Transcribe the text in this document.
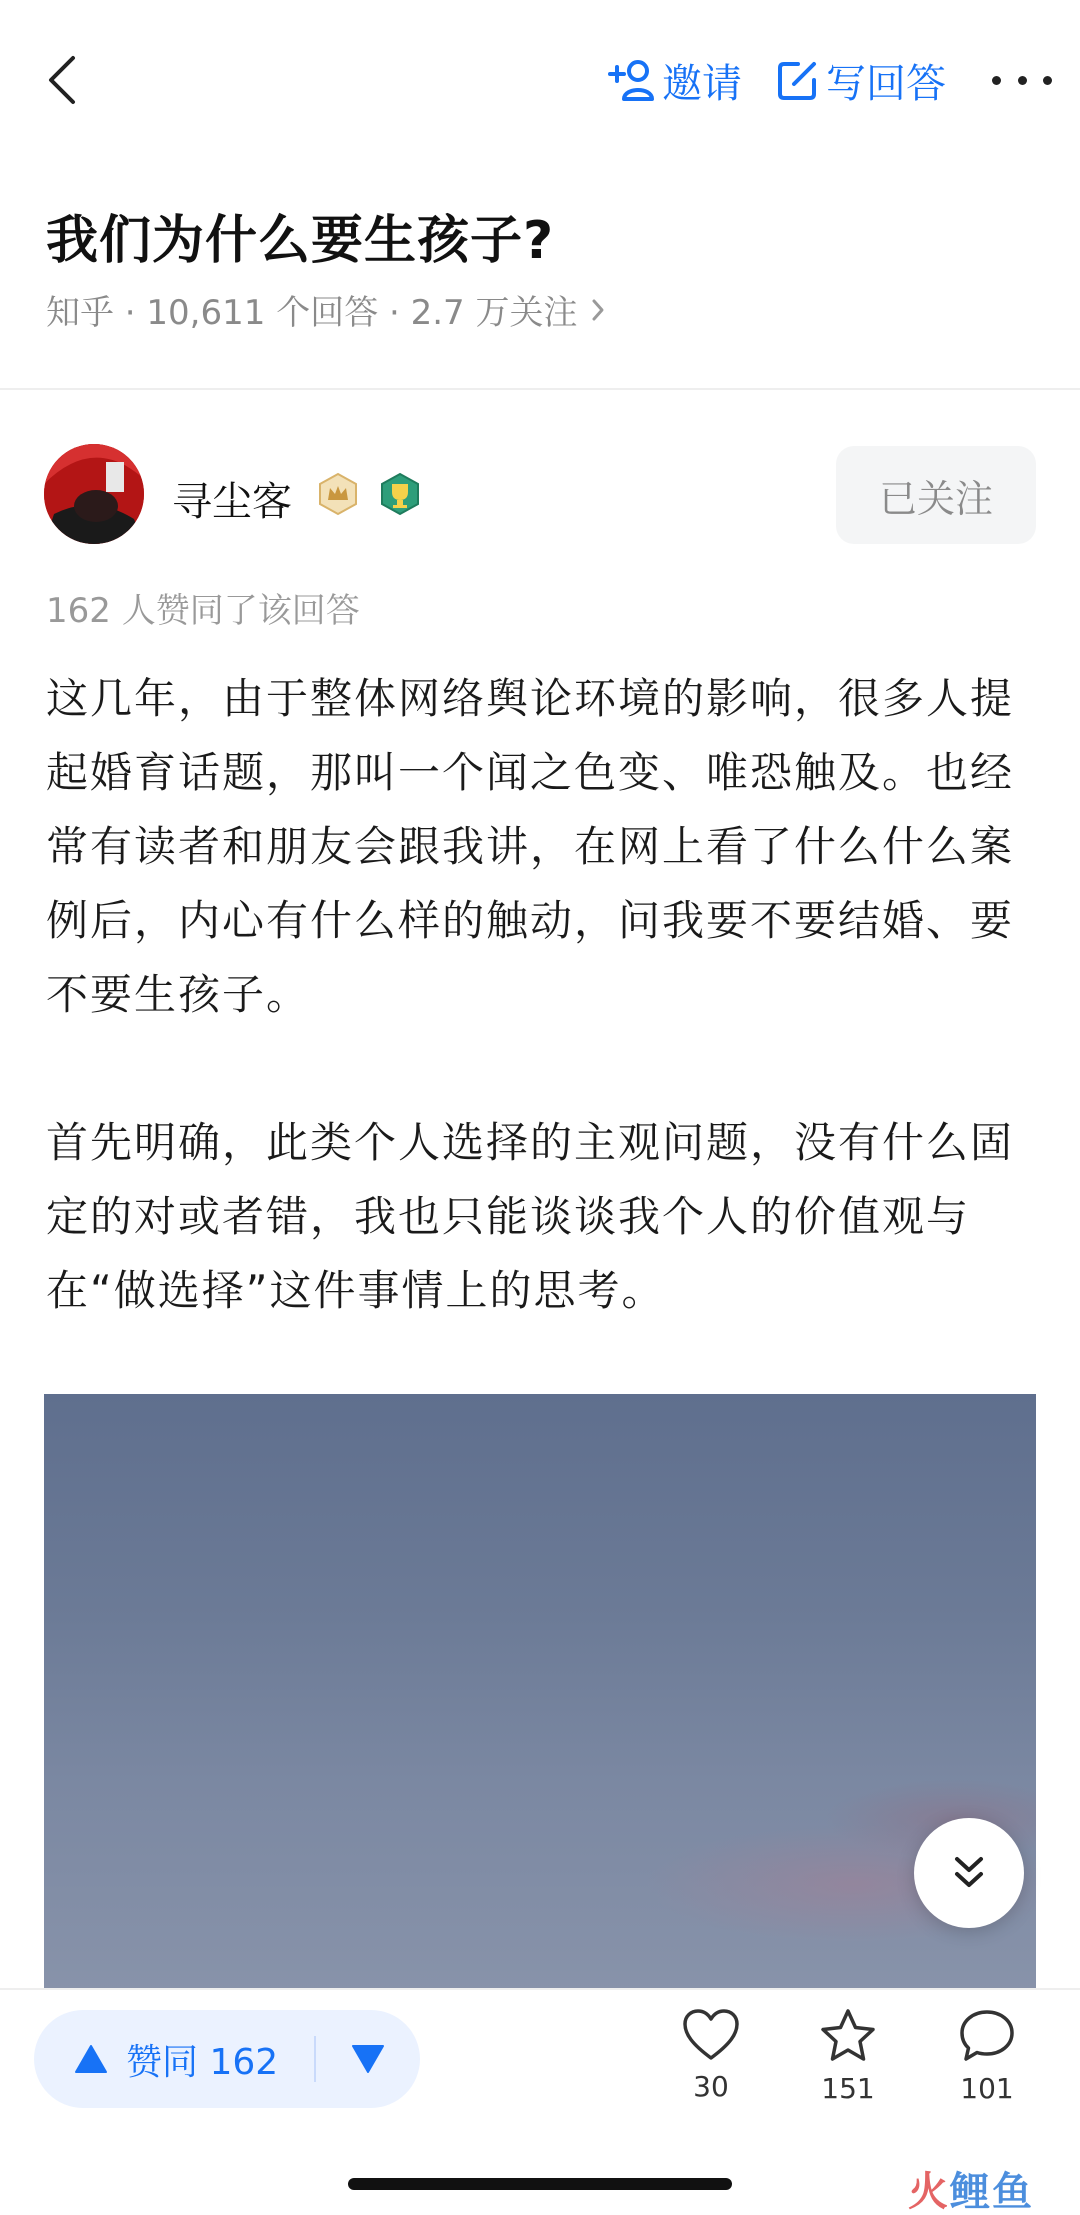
邀请 写回答
我们为什么要生孩子?
知乎 · 10,611 个回答 · 2.7 万关注
寻尘客	已关注
162 人赞同了该回答
这几年，由于整体网络舆论环境的影响，很多人提起婚育话题，那叫一个闻之色变、唯恐触及。也经常有读者和朋友会跟我讲，在网上看了什么什么案例后，内心有什么样的触动，问我要不要结婚、要不要生孩子。
首先明确，此类个人选择的主观问题，没有什么固定的对或者错，我也只能谈谈我个人的价值观与在“做选择”这件事情上的思考。
赞同 162
30	151	101
火鲤鱼
